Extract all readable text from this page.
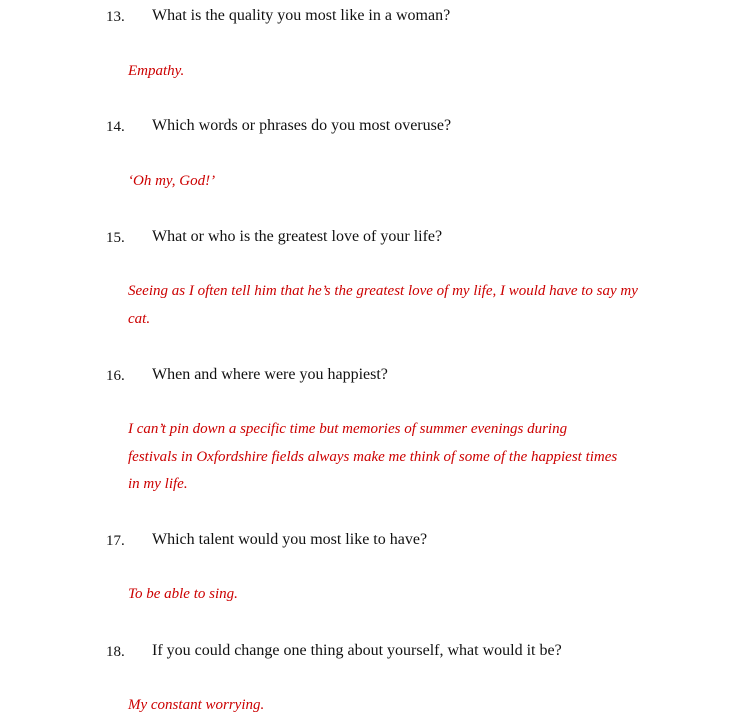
13. What is the quality you most like in a woman?

Empathy.

14. Which words or phrases do you most overuse?

‘Oh my, God!’

15. What or who is the greatest love of your life?

Seeing as I often tell him that he’s the greatest love of my life, I would have to say my cat.

16. When and where were you happiest?

I can’t pin down a specific time but memories of summer evenings during festivals in Oxfordshire fields always make me think of some of the happiest times in my life.

17. Which talent would you most like to have?

To be able to sing.

18. If you could change one thing about yourself, what would it be?

My constant worrying.
